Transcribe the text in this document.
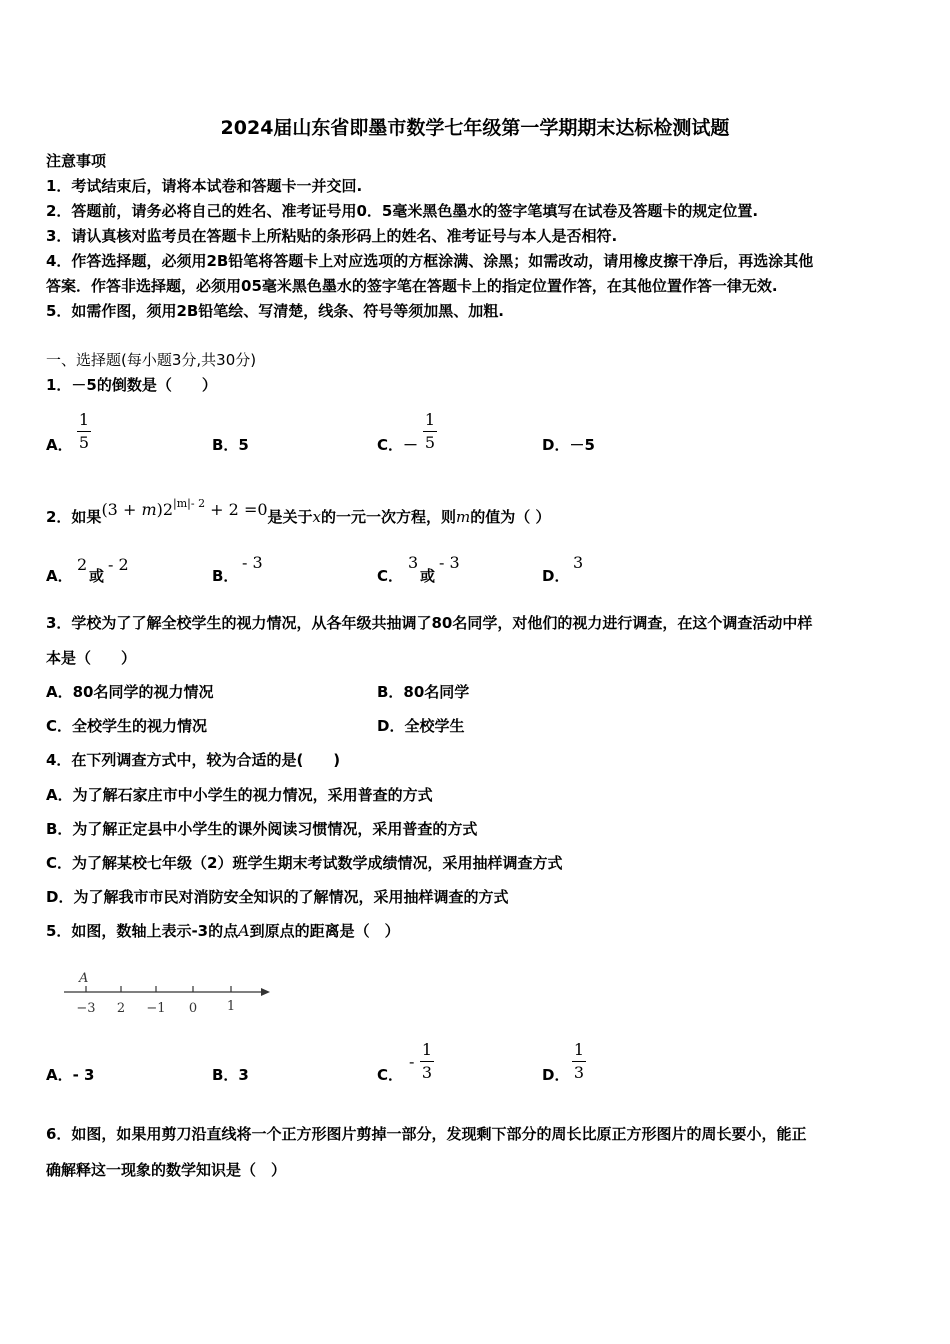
2024届山东省即墨市数学七年级第一学期期末达标检测试题
注意事项
1．考试结束后，请将本试卷和答题卡一并交回.
2．答题前，请务必将自己的姓名、准考证号用0．5毫米黑色墨水的签字笔填写在试卷及答题卡的规定位置.
3．请认真核对监考员在答题卡上所粘贴的条形码上的姓名、准考证号与本人是否相符.
4．作答选择题，必须用2B铅笔将答题卡上对应选项的方框涂满、涂黑；如需改动，请用橡皮擦干净后，再选涂其他
答案．作答非选择题，必须用05毫米黑色墨水的签字笔在答题卡上的指定位置作答，在其他位置作答一律无效.
5．如需作图，须用2B铅笔绘、写清楚，线条、符号等须加黑、加粗.
一、选择题(每小题3分,共30分)
1．－5的倒数是（　　）
A．
1
5	B．5	C．－
1
5	D．－5
2．如果$(3 + m)2^{|m|- 2} + 2 =0$是关于x的一元一次方程，则m的值为（ ）
A．
2
或
- 2
B．
- 3
C．
3
或
- 3
D．
3
3．学校为了了解全校学生的视力情况，从各年级共抽调了80名同学，对他们的视力进行调查，在这个调查活动中样
本是（　　）
A．80名同学的视力情况	B．80名同学
C．全校学生的视力情况	D．全校学生
4．在下列调查方式中，较为合适的是(　　)
A．为了解石家庄市中小学生的视力情况，采用普查的方式
B．为了解正定县中小学生的课外阅读习惯情况，采用普查的方式
C．为了解某校七年级（2）班学生期末考试数学成绩情况，采用抽样调查方式
D．为了解我市市民对消防安全知识的了解情况，采用抽样调查的方式
5．如图，数轴上表示-3的点A到原点的距离是（　）
A
−3 2 −1 0 1
A．- 3	B．3	C．
-
1
3	D．
1
3
6．如图，如果用剪刀沿直线将一个正方形图片剪掉一部分，发现剩下部分的周长比原正方形图片的周长要小，能正
确解释这一现象的数学知识是（　）
